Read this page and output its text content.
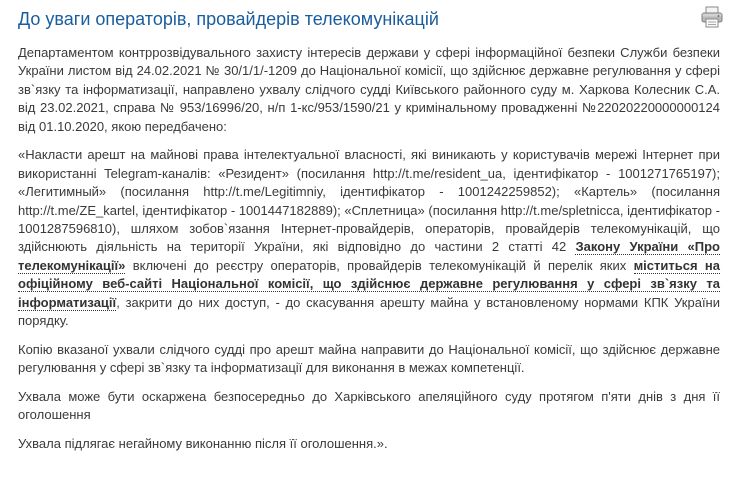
До уваги операторів, провайдерів телекомунікацій

Департаментом контррозвідувального захисту інтересів держави у сфері інформаційної безпеки Служби безпеки України листом від 24.02.2021 № 30/1/1/-1209 до Національної комісії, що здійснює державне регулювання у сфері зв`язку та інформатизації, направлено ухвалу слідчого судді Київського районного суду м. Харкова Колесник С.А. від 23.02.2021, справа № 953/16996/20, н/п 1-кс/953/1590/21 у кримінальному провадженні №22020220000000124 від 01.10.2020, якою передбачено:

«Накласти арешт на майнові права інтелектуальної власності, які виникають у користувачів мережі Інтернет при використанні Telegram-каналів: «Резидент» (посилання http://t.me/resident_ua, ідентифікатор - 1001271765197); «Легитимный» (посилання http://t.me/Legitimniy, ідентифікатор - 1001242259852); «Картель» (посилання http://t.me/ZE_kartel, ідентифікатор - 1001447182889); «Сплетница» (посилання http://t.me/spletnicca, ідентифікатор - 1001287596810), шляхом зобов`язання Інтернет-провайдерів, операторів, провайдерів телекомунікацій, що здійснюють діяльність на території України, які відповідно до частини 2 статті 42 Закону України «Про телекомунікації» включені до реєстру операторів, провайдерів телекомунікацій й перелік яких міститься на офіційному веб-сайті Національної комісії, що здійснює державне регулювання у сфері зв`язку та інформатизації, закрити до них доступ, - до скасування арешту майна у встановленому нормами КПК України порядку.

Копію вказаної ухвали слідчого судді про арешт майна направити до Національної комісії, що здійснює державне регулювання у сфері зв`язку та інформатизації для виконання в межах компетенції.

Ухвала може бути оскаржена безпосередньо до Харківського апеляційного суду протягом п'яти днів з дня її оголошення

Ухвала підлягає негайному виконанню після її оголошення.».
